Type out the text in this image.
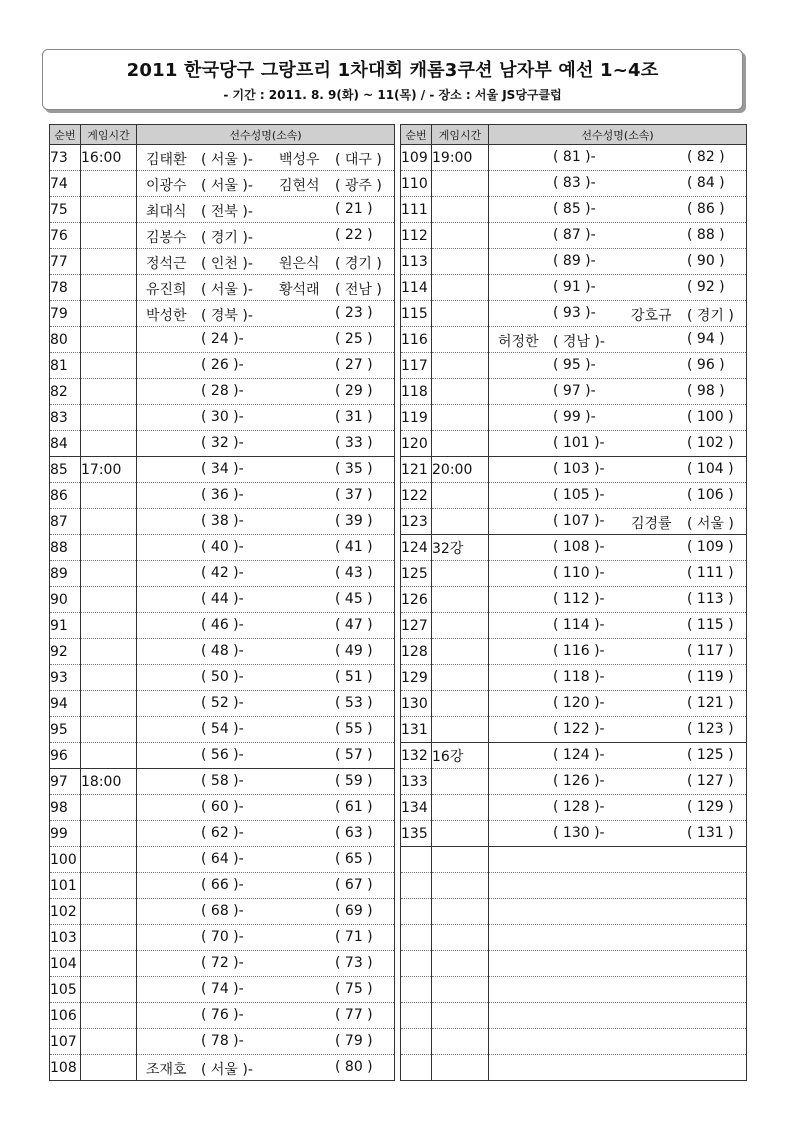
2011 한국당구 그랑프리 1차대회 캐롬3쿠션 남자부 예선 1~4조
- 기간 : 2011. 8. 9(화) ~ 11(목) / - 장소 : 서울 JS당구클럽
순번	게임시간	선수성명(소속)
73	16:00	김태환 ( 서울 )- 백성우 ( 대구 )

74		이광수 ( 서울 )- 김현석 ( 광주 )

75		최대식 ( 전북 )- ( 21 )

76		김봉수 ( 경기 )- ( 22 )

77		정석근 ( 인천 )- 원은식 ( 경기 )

78		유진희 ( 서울 )- 황석래 ( 전남 )

79		박성한 ( 경북 )- ( 23 )

80		( 24 )- ( 25 )

81		( 26 )- ( 27 )

82		( 28 )- ( 29 )

83		( 30 )- ( 31 )

84		( 32 )- ( 33 )

85	17:00	( 34 )- ( 35 )

86		( 36 )- ( 37 )

87		( 38 )- ( 39 )

88		( 40 )- ( 41 )

89		( 42 )- ( 43 )

90		( 44 )- ( 45 )

91		( 46 )- ( 47 )

92		( 48 )- ( 49 )

93		( 50 )- ( 51 )

94		( 52 )- ( 53 )

95		( 54 )- ( 55 )

96		( 56 )- ( 57 )

97	18:00	( 58 )- ( 59 )

98		( 60 )- ( 61 )

99		( 62 )- ( 63 )

100		( 64 )- ( 65 )

101		( 66 )- ( 67 )

102		( 68 )- ( 69 )

103		( 70 )- ( 71 )

104		( 72 )- ( 73 )

105		( 74 )- ( 75 )

106		( 76 )- ( 77 )

107		( 78 )- ( 79 )

108		조재호 ( 서울 )- ( 80 )
순번	게임시간	선수성명(소속)
109	19:00	( 81 )- ( 82 )

110		( 83 )- ( 84 )

111		( 85 )- ( 86 )

112		( 87 )- ( 88 )

113		( 89 )- ( 90 )

114		( 91 )- ( 92 )

115		( 93 )- 강호규 ( 경기 )

116		허정한 ( 경남 )- ( 94 )

117		( 95 )- ( 96 )

118		( 97 )- ( 98 )

119		( 99 )- ( 100 )

120		( 101 )- ( 102 )

121	20:00	( 103 )- ( 104 )

122		( 105 )- ( 106 )

123		( 107 )- 김경률 ( 서울 )

124	32강	( 108 )- ( 109 )

125		( 110 )- ( 111 )

126		( 112 )- ( 113 )

127		( 114 )- ( 115 )

128		( 116 )- ( 117 )

129		( 118 )- ( 119 )

130		( 120 )- ( 121 )

131		( 122 )- ( 123 )

132	16강	( 124 )- ( 125 )

133		( 126 )- ( 127 )

134		( 128 )- ( 129 )

135		( 130 )- ( 131 )
